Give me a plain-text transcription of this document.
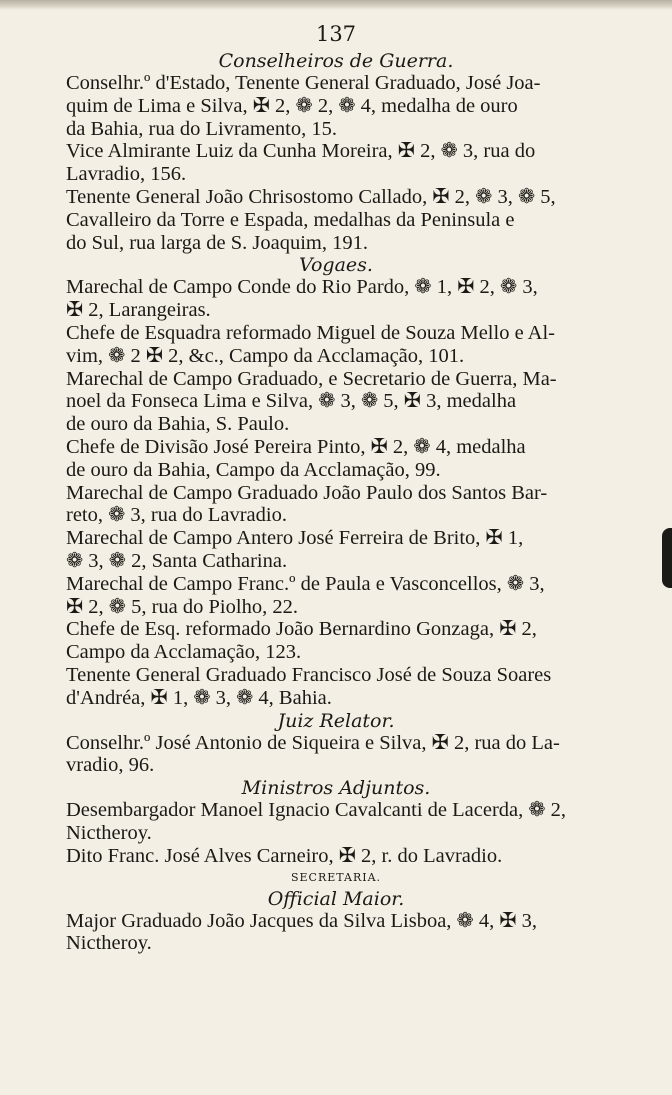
137
Conselheiros de Guerra.
Conselhr.º d'Estado, Tenente General Graduado, José Joa-
quim de Lima e Silva, ✠ 2, ❁ 2, ❁ 4, medalha de ouro
da Bahia, rua do Livramento, 15.
Vice Almirante Luiz da Cunha Moreira, ✠ 2, ❁ 3, rua do
Lavradio, 156.
Tenente General João Chrisostomo Callado, ✠ 2, ❁ 3, ❁ 5,
Cavalleiro da Torre e Espada, medalhas da Peninsula e
do Sul, rua larga de S. Joaquim, 191.
Vogaes.
Marechal de Campo Conde do Rio Pardo, ❁ 1, ✠ 2, ❁ 3,
✠ 2, Larangeiras.
Chefe de Esquadra reformado Miguel de Souza Mello e Al-
vim, ❁ 2 ✠ 2, &c., Campo da Acclamação, 101.
Marechal de Campo Graduado, e Secretario de Guerra, Ma-
noel da Fonseca Lima e Silva, ❁ 3, ❁ 5, ✠ 3, medalha
de ouro da Bahia, S. Paulo.
Chefe de Divisão José Pereira Pinto, ✠ 2, ❁ 4, medalha
de ouro da Bahia, Campo da Acclamação, 99.
Marechal de Campo Graduado João Paulo dos Santos Bar-
reto, ❁ 3, rua do Lavradio.
Marechal de Campo Antero José Ferreira de Brito, ✠ 1,
❁ 3, ❁ 2, Santa Catharina.
Marechal de Campo Franc.º de Paula e Vasconcellos, ❁ 3,
✠ 2, ❁ 5, rua do Piolho, 22.
Chefe de Esq. reformado João Bernardino Gonzaga, ✠ 2,
Campo da Acclamação, 123.
Tenente General Graduado Francisco José de Souza Soares
d'Andréa, ✠ 1, ❁ 3, ❁ 4, Bahia.
Juiz Relator.
Conselhr.º José Antonio de Siqueira e Silva, ✠ 2, rua do La-
vradio, 96.
Ministros Adjuntos.
Desembargador Manoel Ignacio Cavalcanti de Lacerda, ❁ 2,
Nictheroy.
Dito Franc. José Alves Carneiro, ✠ 2, r. do Lavradio.
SECRETARIA.
Official Maior.
Major Graduado João Jacques da Silva Lisboa, ❁ 4, ✠ 3,
Nictheroy.
